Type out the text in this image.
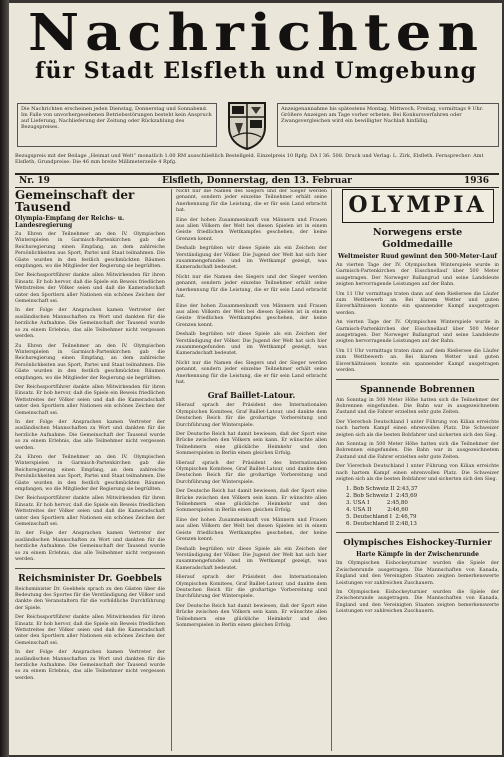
Nachrichten
für Stadt Elsfleth und Umgebung
Die Nachrichten erscheinen jeden Dienstag, Donnerstag und Sonnabend. Im Falle von unvorhergesehenen Betriebsstörungen besteht kein Anspruch auf Lieferung, Nachlieferung der Zeitung oder Rückzahlung des Bezugspreises.
Anzeigenannahme bis spätestens Montag, Mittwoch, Freitag, vormittags 9 Uhr. Größere Anzeigen am Tage vorher erbeten. Bei Konkursverfahren oder Zwangsvergleichen wird ein bewilligter Nachlaß hinfällig.
Bezugspreis mit der Beilage „Heimat und Welt“ monatlich 1.00 RM ausschließlich Bestellgeld. Einzelpreis 10 Rpfg. DA I 36: 508. Druck und Verlag: L. Zirk, Elsfleth. Fernsprecher: Amt Elsfleth, Grundpreise: Die 46 mm breite Millimeterzeile 4 Rpfg.
Nr. 19	Elsfleth, Donnerstag, den 13. Februar	1936
Gemeinschaft der Tausend
Olympia-Empfang der Reichs- u. Landesregierung

Zu Ehren der Teilnehmer an den IV. Olympischen Winterspielen in Garmisch-Partenkirchen gab die Reichsregierung einen Empfang, an dem zahlreiche Persönlichkeiten aus Sport, Partei und Staat teilnahmen. Die Gäste wurden in den festlich geschmückten Räumen empfangen, wo die Mitglieder der Regierung sie begrüßten.

Der Reichssportführer dankte allen Mitwirkenden für ihren Einsatz. Er hob hervor, daß die Spiele ein Beweis friedlichen Wettstreites der Völker seien und daß die Kameradschaft unter den Sportlern aller Nationen ein schönes Zeichen der Gemeinschaft sei.

In der Folge der Ansprachen kamen Vertreter der ausländischen Mannschaften zu Wort und dankten für die herzliche Aufnahme. Die Gemeinschaft der Tausend wurde so zu einem Erlebnis, das alle Teilnehmer nicht vergessen werden.

Zu Ehren der Teilnehmer an den IV. Olympischen Winterspielen in Garmisch-Partenkirchen gab die Reichsregierung einen Empfang, an dem zahlreiche Persönlichkeiten aus Sport, Partei und Staat teilnahmen. Die Gäste wurden in den festlich geschmückten Räumen empfangen, wo die Mitglieder der Regierung sie begrüßten.

Der Reichssportführer dankte allen Mitwirkenden für ihren Einsatz. Er hob hervor, daß die Spiele ein Beweis friedlichen Wettstreites der Völker seien und daß die Kameradschaft unter den Sportlern aller Nationen ein schönes Zeichen der Gemeinschaft sei.

In der Folge der Ansprachen kamen Vertreter der ausländischen Mannschaften zu Wort und dankten für die herzliche Aufnahme. Die Gemeinschaft der Tausend wurde so zu einem Erlebnis, das alle Teilnehmer nicht vergessen werden.

Zu Ehren der Teilnehmer an den IV. Olympischen Winterspielen in Garmisch-Partenkirchen gab die Reichsregierung einen Empfang, an dem zahlreiche Persönlichkeiten aus Sport, Partei und Staat teilnahmen. Die Gäste wurden in den festlich geschmückten Räumen empfangen, wo die Mitglieder der Regierung sie begrüßten.

Der Reichssportführer dankte allen Mitwirkenden für ihren Einsatz. Er hob hervor, daß die Spiele ein Beweis friedlichen Wettstreites der Völker seien und daß die Kameradschaft unter den Sportlern aller Nationen ein schönes Zeichen der Gemeinschaft sei.

In der Folge der Ansprachen kamen Vertreter der ausländischen Mannschaften zu Wort und dankten für die herzliche Aufnahme. Die Gemeinschaft der Tausend wurde so zu einem Erlebnis, das alle Teilnehmer nicht vergessen werden.

Reichsminister Dr. Goebbels

Reichsminister Dr. Goebbels sprach zu den Gästen über die Bedeutung des Sportes für die Verständigung der Völker und dankte den Veranstaltern für die vorbildliche Durchführung der Spiele.

Der Reichssportführer dankte allen Mitwirkenden für ihren Einsatz. Er hob hervor, daß die Spiele ein Beweis friedlichen Wettstreites der Völker seien und daß die Kameradschaft unter den Sportlern aller Nationen ein schönes Zeichen der Gemeinschaft sei.

In der Folge der Ansprachen kamen Vertreter der ausländischen Mannschaften zu Wort und dankten für die herzliche Aufnahme. Die Gemeinschaft der Tausend wurde so zu einem Erlebnis, das alle Teilnehmer nicht vergessen werden.

Nicht nur die Namen des Siegers und der Sieger werden genannt, sondern jeder einzelne Teilnehmer erhält seine Anerkennung für die Leistung, die er für sein Land erbracht hat.

Eine der hohen Zusammenkunft von Männern und Frauen aus allen Völkern der Welt bei diesen Spielen ist in einem Geiste friedlichen Wettkampfes geschehen, der keine Grenzen kennt.

Deshalb begrüßen wir diese Spiele als ein Zeichen der Verständigung der Völker. Die Jugend der Welt hat sich hier zusammengefunden und im Wettkampf gezeigt, was Kameradschaft bedeutet.

Nicht nur die Namen des Siegers und der Sieger werden genannt, sondern jeder einzelne Teilnehmer erhält seine Anerkennung für die Leistung, die er für sein Land erbracht hat.

Eine der hohen Zusammenkunft von Männern und Frauen aus allen Völkern der Welt bei diesen Spielen ist in einem Geiste friedlichen Wettkampfes geschehen, der keine Grenzen kennt.

Deshalb begrüßen wir diese Spiele als ein Zeichen der Verständigung der Völker. Die Jugend der Welt hat sich hier zusammengefunden und im Wettkampf gezeigt, was Kameradschaft bedeutet.

Nicht nur die Namen des Siegers und der Sieger werden genannt, sondern jeder einzelne Teilnehmer erhält seine Anerkennung für die Leistung, die er für sein Land erbracht hat.

Graf Baillet-Latour.

Hierauf sprach der Präsident des Internationalen Olympischen Komitees, Graf Baillet-Latour, und dankte dem Deutschen Reich für die großartige Vorbereitung und Durchführung der Winterspiele.

Der Deutsche Reich hat damit bewiesen, daß der Sport eine Brücke zwischen den Völkern sein kann. Er wünschte allen Teilnehmern eine glückliche Heimkehr und den Sommerspielen in Berlin einen gleichen Erfolg.

Hierauf sprach der Präsident des Internationalen Olympischen Komitees, Graf Baillet-Latour, und dankte dem Deutschen Reich für die großartige Vorbereitung und Durchführung der Winterspiele.

Der Deutsche Reich hat damit bewiesen, daß der Sport eine Brücke zwischen den Völkern sein kann. Er wünschte allen Teilnehmern eine glückliche Heimkehr und den Sommerspielen in Berlin einen gleichen Erfolg.

Eine der hohen Zusammenkunft von Männern und Frauen aus allen Völkern der Welt bei diesen Spielen ist in einem Geiste friedlichen Wettkampfes geschehen, der keine Grenzen kennt.

Deshalb begrüßen wir diese Spiele als ein Zeichen der Verständigung der Völker. Die Jugend der Welt hat sich hier zusammengefunden und im Wettkampf gezeigt, was Kameradschaft bedeutet.

Hierauf sprach der Präsident des Internationalen Olympischen Komitees, Graf Baillet-Latour, und dankte dem Deutschen Reich für die großartige Vorbereitung und Durchführung der Winterspiele.

Der Deutsche Reich hat damit bewiesen, daß der Sport eine Brücke zwischen den Völkern sein kann. Er wünschte allen Teilnehmern eine glückliche Heimkehr und den Sommerspielen in Berlin einen gleichen Erfolg.

OLYMPIA
Norwegens erste Goldmedaille
Weltmeister Ruud gewinnt den 500-Meter-Lauf

An vierten Tage der IV. Olympischen Winterspiele wurde in Garmisch-Partenkirchen der Eisschnellauf über 500 Meter ausgetragen. Der Norweger Ballangrud und seine Landsleute zeigten hervorragende Leistungen auf der Bahn.

Um 11 Uhr vormittags traten dann auf dem Rießersee die Läufer zum Wettbewerb an. Bei klarem Wetter und guten Eisverhältnissen konnte ein spannender Kampf ausgetragen werden.

An vierten Tage der IV. Olympischen Winterspiele wurde in Garmisch-Partenkirchen der Eisschnellauf über 500 Meter ausgetragen. Der Norweger Ballangrud und seine Landsleute zeigten hervorragende Leistungen auf der Bahn.

Um 11 Uhr vormittags traten dann auf dem Rießersee die Läufer zum Wettbewerb an. Bei klarem Wetter und guten Eisverhältnissen konnte ein spannender Kampf ausgetragen werden.

Spannende Bobrennen

Am Sonntag in 500 Meter Höhe hatten sich die Teilnehmer der Bobrennen eingefunden. Die Bahn war in ausgezeichnetem Zustand und die Fahrer erzielten sehr gute Zeiten.

Der Viererbob Deutschland I unter Führung von Kilian erreichte nach hartem Kampf einen ehrenvollen Platz. Die Schweizer zeigten sich als die besten Bobfahrer und sicherten sich den Sieg.

Am Sonntag in 500 Meter Höhe hatten sich die Teilnehmer der Bobrennen eingefunden. Die Bahn war in ausgezeichnetem Zustand und die Fahrer erzielten sehr gute Zeiten.

Der Viererbob Deutschland I unter Führung von Kilian erreichte nach hartem Kampf einen ehrenvollen Platz. Die Schweizer zeigten sich als die besten Bobfahrer und sicherten sich den Sieg.

1. Bob Schweiz II 2:43,37
2. Bob Schweiz I  2:45,69
3. USA I          2:45,80
4. USA II         2:46,60
5. Deutschland I  2:46,79
6. Deutschland II 2:48,13
Olympisches Eishockey-Turnier
Harte Kämpfe in der Zwischenrunde

Im Olympischen Eishockeyturnier wurden die Spiele der Zwischenrunde ausgetragen. Die Mannschaften von Kanada, England und den Vereinigten Staaten zeigten bemerkenswerte Leistungen vor zahlreichen Zuschauern.

Im Olympischen Eishockeyturnier wurden die Spiele der Zwischenrunde ausgetragen. Die Mannschaften von Kanada, England und den Vereinigten Staaten zeigten bemerkenswerte Leistungen vor zahlreichen Zuschauern.
